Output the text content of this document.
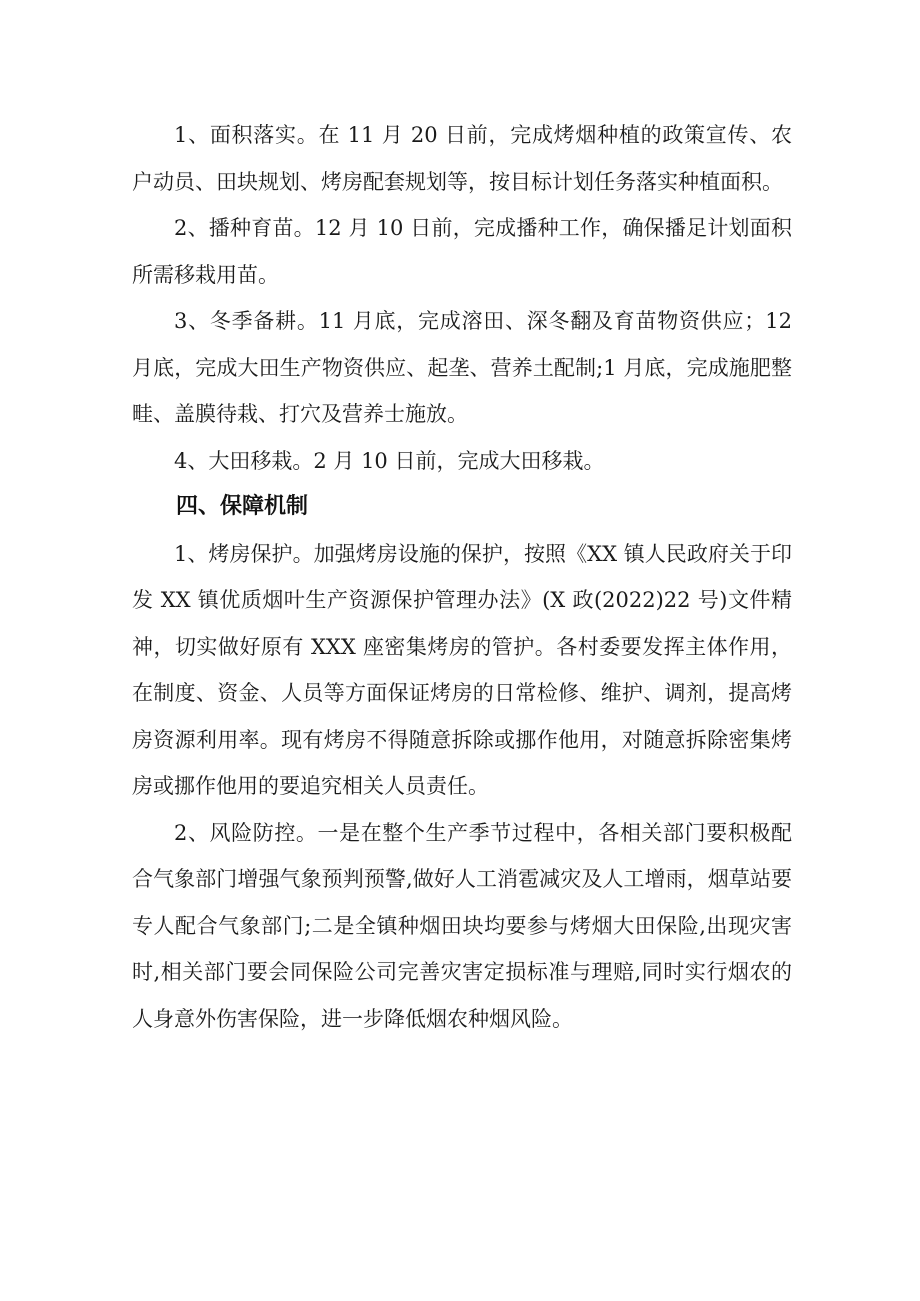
1、面积落实。在 11 月 20 日前，完成烤烟种植的政策宣传、农户动员、田块规划、烤房配套规划等，按目标计划任务落实种植面积。

2、播种育苗。12 月 10 日前，完成播种工作，确保播足计划面积所需移栽用苗。

3、冬季备耕。11 月底，完成溶田、深冬翻及育苗物资供应；12 月底，完成大田生产物资供应、起垄、营养土配制;1 月底，完成施肥整畦、盖膜待栽、打穴及营养士施放。

4、大田移栽。2 月 10 日前，完成大田移栽。

四、保障机制

1、烤房保护。加强烤房设施的保护，按照《XX 镇人民政府关于印发 XX 镇优质烟叶生产资源保护管理办法》(X 政(2022)22 号)文件精神，切实做好原有 XXX 座密集烤房的管护。各村委要发挥主体作用，在制度、资金、人员等方面保证烤房的日常检修、维护、调剂，提高烤房资源利用率。现有烤房不得随意拆除或挪作他用，对随意拆除密集烤房或挪作他用的要追究相关人员责任。

2、风险防控。一是在整个生产季节过程中，各相关部门要积极配合气象部门增强气象预判预警,做好人工消雹减灾及人工增雨，烟草站要专人配合气象部门;二是全镇种烟田块均要参与烤烟大田保险,出现灾害时,相关部门要会同保险公司完善灾害定损标准与理赔,同时实行烟农的人身意外伤害保险，进一步降低烟农种烟风险。
